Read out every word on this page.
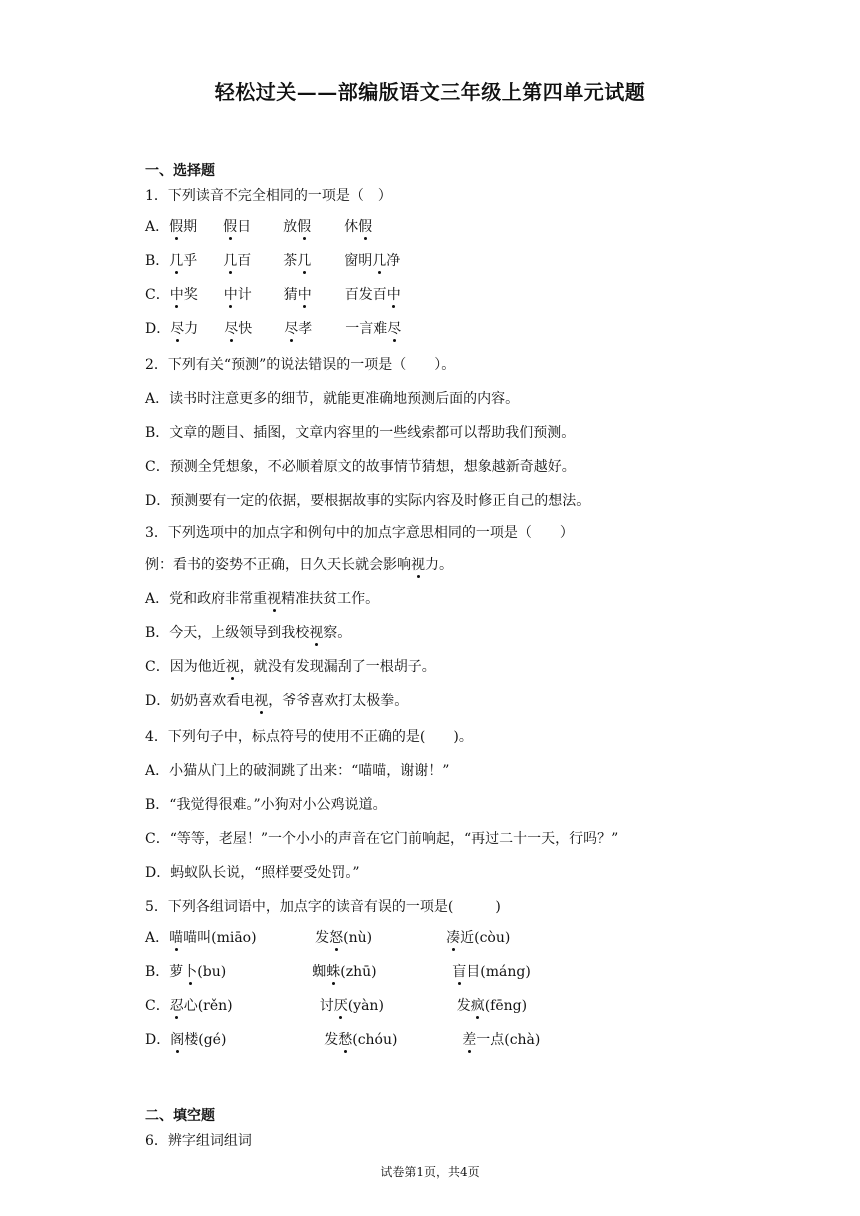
轻松过关——部编版语文三年级上第四单元试题
一、选择题
1．下列读音不完全相同的一项是（　）
A．假期 假日 放假 休假
B．几乎 几百 茶几 窗明几净
C．中奖 中计 猜中 百发百中
D．尽力 尽快 尽孝 一言难尽
2．下列有关“预测”的说法错误的一项是（　　）。
A．读书时注意更多的细节，就能更准确地预测后面的内容。
B．文章的题目、插图，文章内容里的一些线索都可以帮助我们预测。
C．预测全凭想象，不必顺着原文的故事情节猜想，想象越新奇越好。
D．预测要有一定的依据，要根据故事的实际内容及时修正自己的想法。
3．下列选项中的加点字和例句中的加点字意思相同的一项是（　　）
例：看书的姿势不正确，日久天长就会影响视力。
A．党和政府非常重视精准扶贫工作。
B．今天，上级领导到我校视察。
C．因为他近视，就没有发现漏刮了一根胡子。
D．奶奶喜欢看电视，爷爷喜欢打太极拳。
4．下列句子中，标点符号的使用不正确的是(　　)。
A．小猫从门上的破洞跳了出来：“喵喵，谢谢！”
B．“我觉得很难。”小狗对小公鸡说道。
C．“等等，老屋！”一个小小的声音在它门前响起，“再过二十一天，行吗？”
D．蚂蚁队长说，“照样要受处罚。”
5．下列各组词语中，加点字的读音有误的一项是(　　　)
A．喵喵叫(miāo)	发怒(nù)	凑近(còu)
B．萝卜(bu)	蜘蛛(zhū)	盲目(máng)
C．忍心(rěn)	讨厌(yàn)	发疯(fēng)
D．阁楼(gé)	发愁(chóu)	差一点(chà)
二、填空题
6．辨字组词组词
试卷第1页，共4页
